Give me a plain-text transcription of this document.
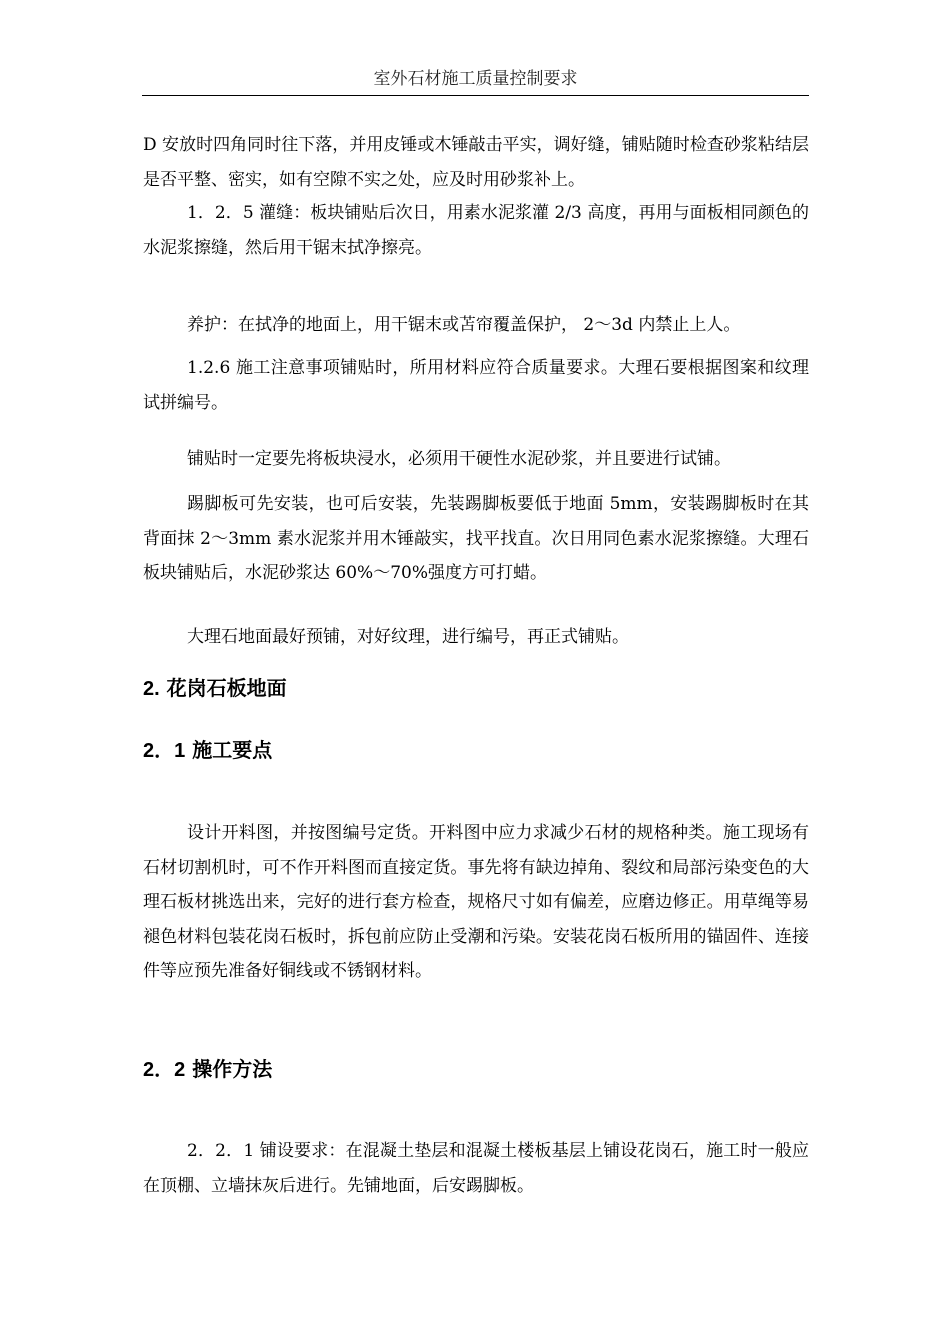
室外石材施工质量控制要求

D 安放时四角同时往下落，并用皮锤或木锤敲击平实，调好缝，铺贴随时检查砂浆粘结层是否平整、密实，如有空隙不实之处，应及时用砂浆补上。

1．2．5 灌缝：板块铺贴后次日，用素水泥浆灌 2/3 高度，再用与面板相同颜色的水泥浆擦缝，然后用干锯末拭净擦亮。

养护：在拭净的地面上，用干锯末或苫帘覆盖保护， 2～3d 内禁止上人。

1.2.6 施工注意事项铺贴时，所用材料应符合质量要求。大理石要根据图案和纹理试拼编号。

铺贴时一定要先将板块浸水，必须用干硬性水泥砂浆，并且要进行试铺。

踢脚板可先安装，也可后安装，先装踢脚板要低于地面 5mm，安装踢脚板时在其背面抹 2～3mm 素水泥浆并用木锤敲实，找平找直。次日用同色素水泥浆擦缝。大理石板块铺贴后，水泥砂浆达 60%～70%强度方可打蜡。

大理石地面最好预铺，对好纹理，进行编号，再正式铺贴。

2. 花岗石板地面
2．1 施工要点

设计开料图，并按图编号定货。开料图中应力求减少石材的规格种类。施工现场有石材切割机时，可不作开料图而直接定货。事先将有缺边掉角、裂纹和局部污染变色的大理石板材挑选出来，完好的进行套方检查，规格尺寸如有偏差，应磨边修正。用草绳等易褪色材料包装花岗石板时，拆包前应防止受潮和污染。安装花岗石板所用的锚固件、连接件等应预先准备好铜线或不锈钢材料。

2．2 操作方法

2．2．1 铺设要求：在混凝土垫层和混凝土楼板基层上铺设花岗石，施工时一般应在顶棚、立墙抹灰后进行。先铺地面，后安踢脚板。
